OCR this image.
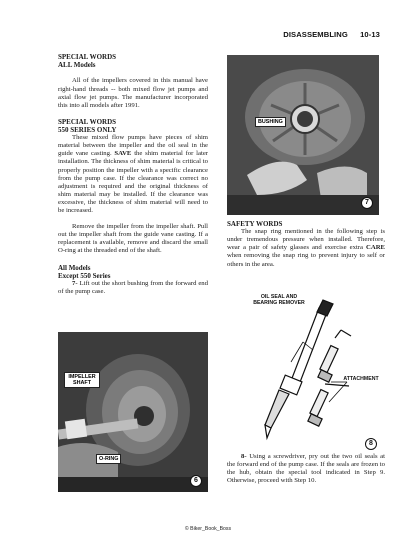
DISASSEMBLING 10-13
SPECIAL WORDS
ALL Models

All of the impellers covered in this manual have right-hand threads -- both mixed flow jet pumps and axial flow jet pumps. The manufacturer incorporated this into all models after 1991.

SPECIAL WORDS
550 SERIES ONLY

These mixed flow pumps have pieces of shim material between the impeller and the oil seal in the guide vane casting. SAVE the shim material for later installation. The thickness of shim material is critical to properly position the impeller with a specific clearance from the pump case. If the clearance was correct no adjustment is required and the original thickness of shim material may be installed. If the clearance was excessive, the thickness of shim material will need to be increased.

Remove the impeller from the impeller shaft. Pull out the impeller shaft from the guide vane casting. If a replacement is available, remove and discard the small O-ring at the threaded end of the shaft.

All Models
Except 550 Series

7- Lift out the short bushing from the forward end of the pump case.

BUSHING
7
SAFETY WORDS

The snap ring mentioned in the following step is under tremendous pressure when installed. Therefore, wear a pair of safety glasses and exercise extra CARE when removing the snap ring to prevent injury to self or others in the area.

OIL SEAL AND BEARING REMOVER
ATTACHMENT
8
IMPELLER SHAFT
O-RING
6

8- Using a screwdriver, pry out the two oil seals at the forward end of the pump case. If the seals are frozen to the hub, obtain the special tool indicated in Step 9. Otherwise, proceed with Step 10.

© Biker_Book_Boss
